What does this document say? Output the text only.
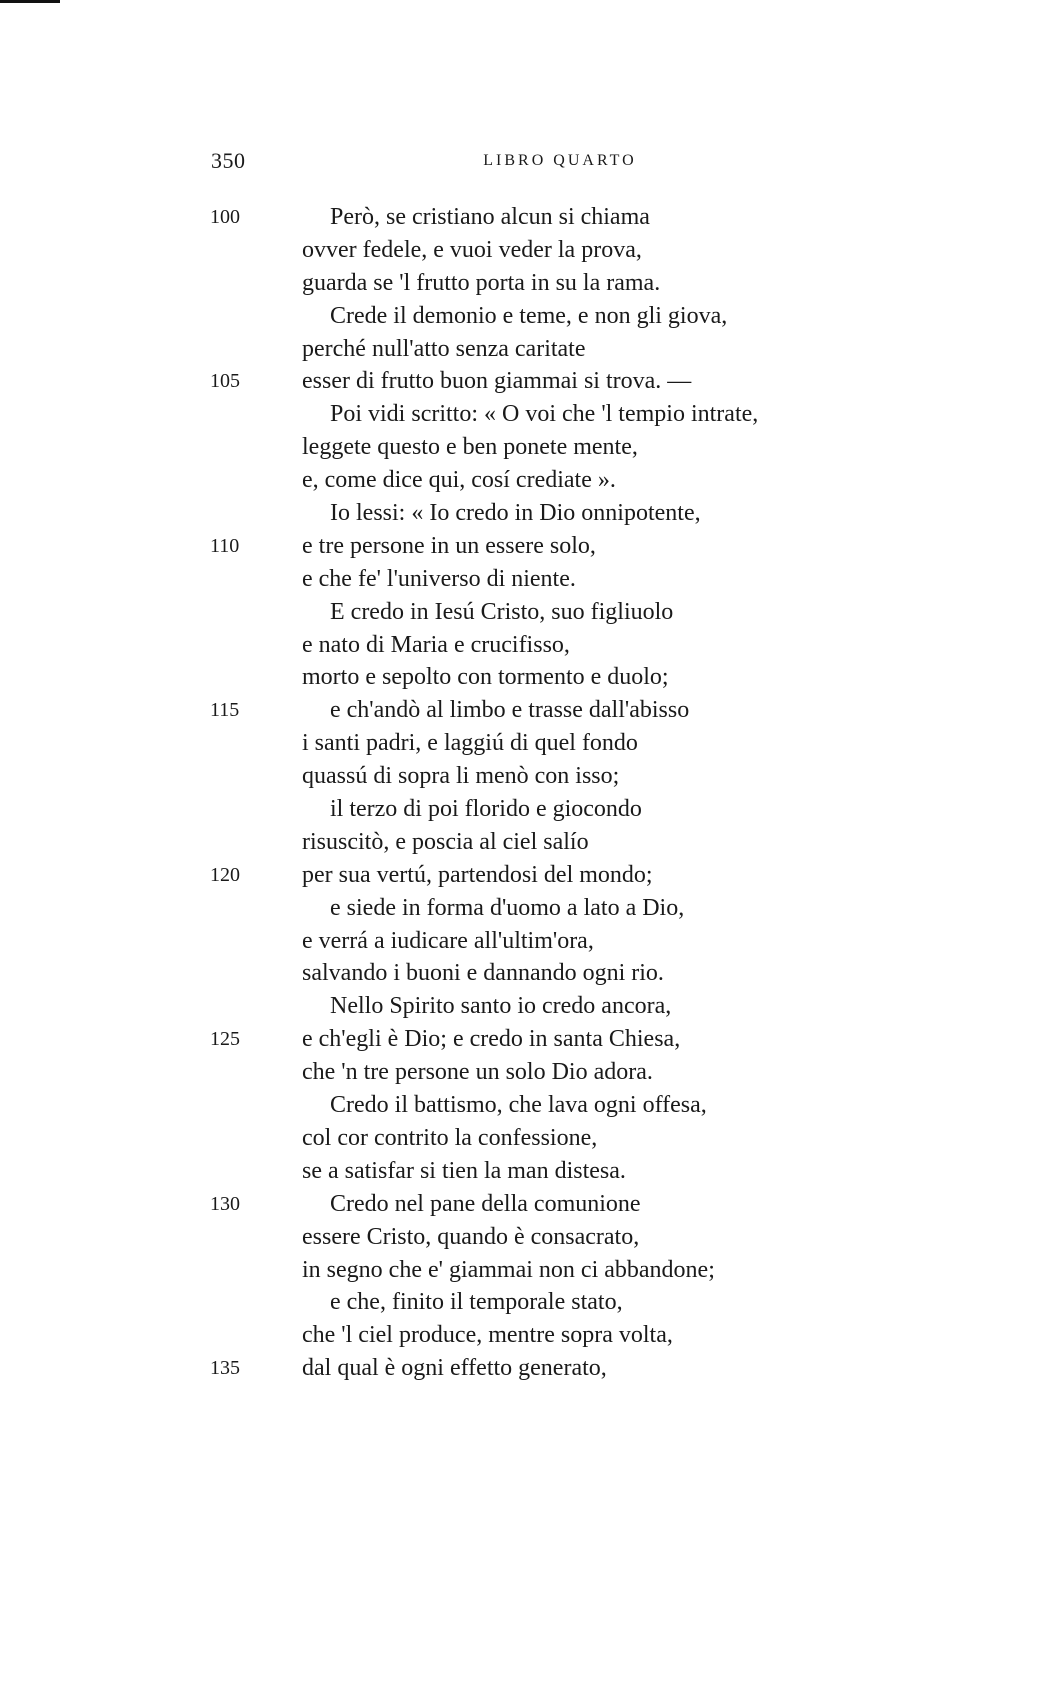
350	LIBRO QUARTO
100	Però, se cristiano alcun si chiama
ovver fedele, e vuoi veder la prova,
guarda se 'l frutto porta in su la rama.
Crede il demonio e teme, e non gli giova,
perché null'atto senza caritate
105	esser di frutto buon giammai si trova. —
Poi vidi scritto: « O voi che 'l tempio intrate,
leggete questo e ben ponete mente,
e, come dice qui, cosí crediate ».
Io lessi: « Io credo in Dio onnipotente,
110	e tre persone in un essere solo,
e che fe' l'universo di niente.
E credo in Iesú Cristo, suo figliuolo
e nato di Maria e crucifisso,
morto e sepolto con tormento e duolo;
115	e ch'andò al limbo e trasse dall'abisso
i santi padri, e laggiú di quel fondo
quassú di sopra li menò con isso;
il terzo di poi florido e giocondo
risuscitò, e poscia al ciel salío
120	per sua vertú, partendosi del mondo;
e siede in forma d'uomo a lato a Dio,
e verrá a iudicare all'ultim'ora,
salvando i buoni e dannando ogni rio.
Nello Spirito santo io credo ancora,
125	e ch'egli è Dio; e credo in santa Chiesa,
che 'n tre persone un solo Dio adora.
Credo il battismo, che lava ogni offesa,
col cor contrito la confessione,
se a satisfar si tien la man distesa.
130	Credo nel pane della comunione
essere Cristo, quando è consacrato,
in segno che e' giammai non ci abbandone;
e che, finito il temporale stato,
che 'l ciel produce, mentre sopra volta,
135	dal qual è ogni effetto generato,
